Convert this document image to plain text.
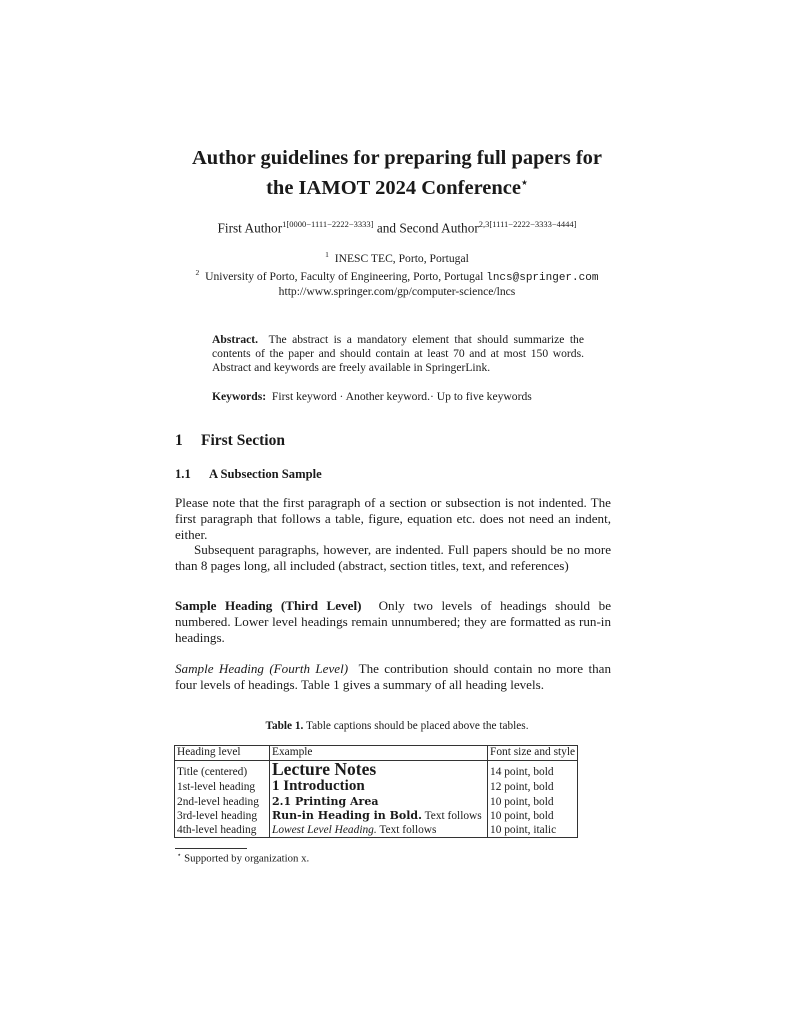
Author guidelines for preparing full papers for
the IAMOT 2024 Conference⋆
First Author$^{1[0000-1111-2222-3333]}$ and Second Author$^{2,3[1111-2222-3333-4444]}$
$^1$ INESC TEC, Porto, Portugal
$^2$ University of Porto, Faculty of Engineering, Porto, Portugal lncs@springer.com
http://www.springer.com/gp/computer-science/lncs
Abstract. The abstract is a mandatory element that should summarize the contents of the paper and should contain at least 70 and at most 150 words. Abstract and keywords are freely available in SpringerLink.
Keywords: First keyword · Another keyword.· Up to five keywords
1 First Section
1.1 A Subsection Sample
Please note that the first paragraph of a section or subsection is not indented. The first paragraph that follows a table, figure, equation etc. does not need an indent, either.
Subsequent paragraphs, however, are indented. Full papers should be no more than 8 pages long, all included (abstract, section titles, text, and references)
Sample Heading (Third Level) Only two levels of headings should be numbered. Lower level headings remain unnumbered; they are formatted as run-in headings.
Sample Heading (Fourth Level) The contribution should contain no more than four levels of headings. Table 1 gives a summary of all heading levels.
Table 1. Table captions should be placed above the tables.
Heading level	Example	Font size and style
Title (centered)	Lecture Notes	14 point, bold
1st-level heading	1 Introduction	12 point, bold
2nd-level heading	2.1 Printing Area	10 point, bold
3rd-level heading	Run-in Heading in Bold. Text follows	10 point, bold
4th-level heading	Lowest Level Heading. Text follows	10 point, italic
⋆ Supported by organization x.
